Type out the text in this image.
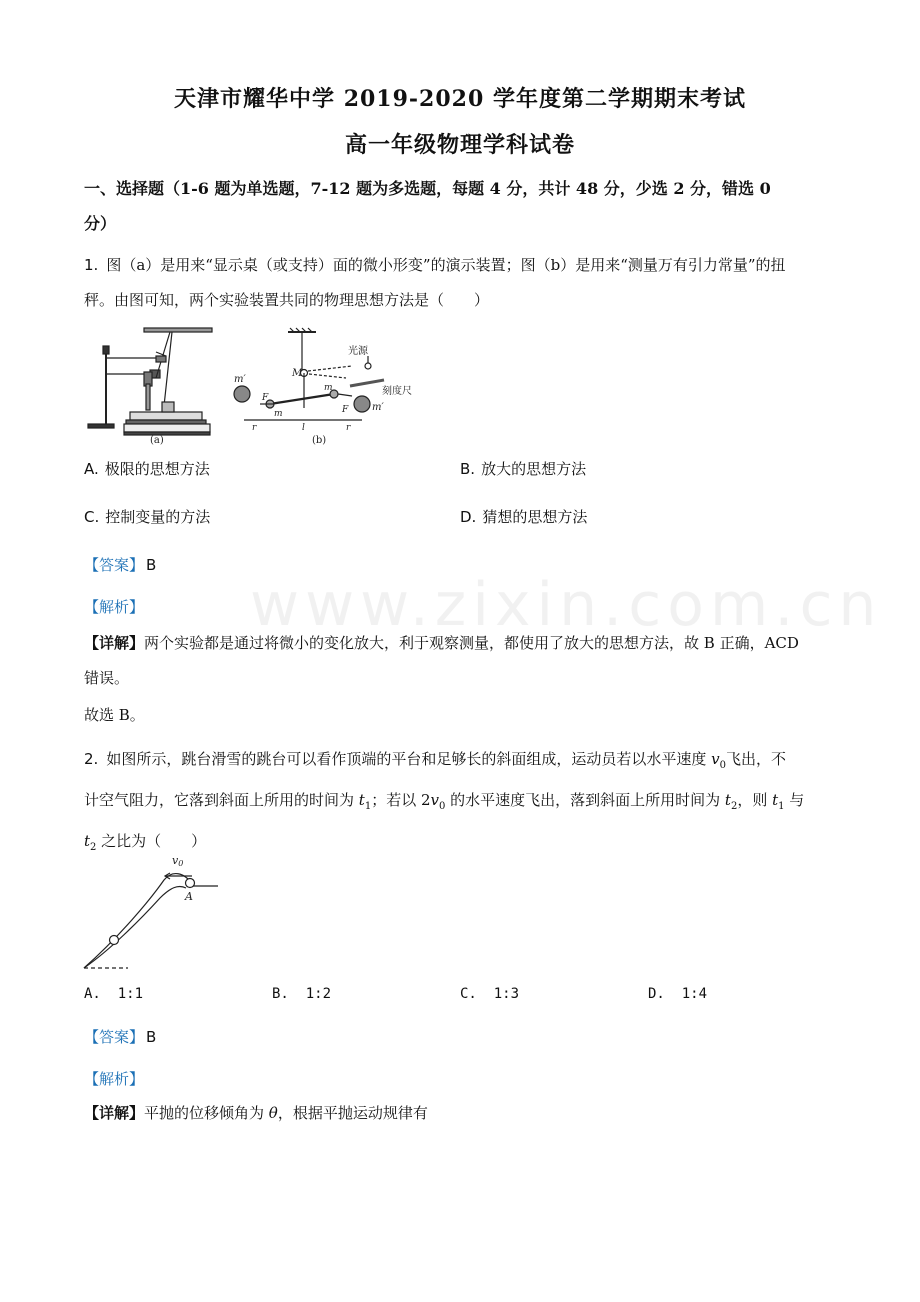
www.zixin.com.cn
天津市耀华中学 2019-2020 学年度第二学期期末考试
高一年级物理学科试卷
一、选择题（1-6 题为单选题，7-12 题为多选题，每题 4 分，共计 48 分，少选 2 分，错选 0
分）
1. 图（a）是用来“显示桌（或支持）面的微小形变”的演示装置；图（b）是用来“测量万有引力常量”的扭
秤。由图可知，两个实验装置共同的物理思想方法是（　　）
(a)
光源
刻度尺
M
m′
m′
m
m
F
F
r	r
l
(b)
A. 极限的思想方法	B. 放大的思想方法
C. 控制变量的方法	D. 猜想的思想方法
【答案】 B
【解析】
【详解】两个实验都是通过将微小的变化放大，利于观察测量，都使用了放大的思想方法，故 B 正确，ACD
错误。
故选 B。
2. 如图所示，跳台滑雪的跳台可以看作顶端的平台和足够长的斜面组成，运动员若以水平速度 $v_0$飞出，不
计空气阻力，它落到斜面上所用的时间为 $t_1$；若以 $2v_0$ 的水平速度飞出，落到斜面上所用时间为 $t_2$，则 $t_1$ 与
$t_2$ 之比为（　　）
v0
A
A. 1:1	B. 1:2	C. 1:3	D. 1:4
【答案】 B
【解析】
【详解】平抛的位移倾角为 θ，根据平抛运动规律有
